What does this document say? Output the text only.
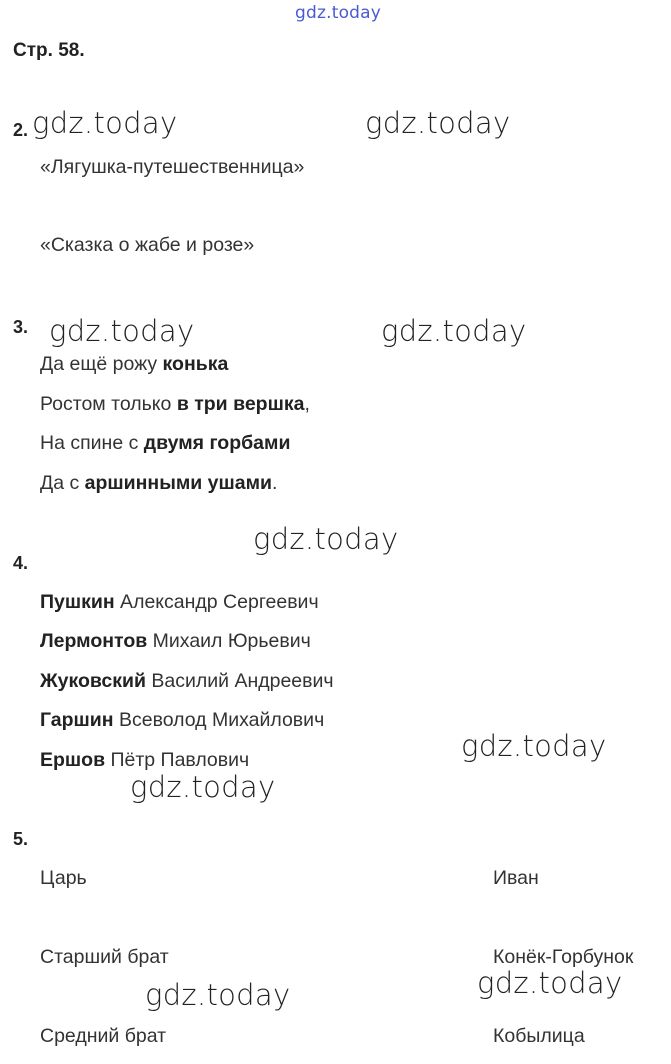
gdz.today
Стр. 58.
2. gdz.today	gdz.today
«Лягушка-путешественница»
«Сказка о жабе и розе»
3. gdz.today	gdz.today
Да ещё рожу конька
Ростом только в три вершка,
На спине с двумя горбами
Да с аршинными ушами.
gdz.today
4.
Пушкин Александр Сергеевич
Лермонтов Михаил Юрьевич
Жуковский Василий Андреевич
Гаршин Всеволод Михайлович
gdz.today
Ершов Пётр Павлович
gdz.today
5.
Царь	Иван
Старший брат	Конёк-Горбунок
gdz.today
gdz.today
Средний брат	Кобылица
